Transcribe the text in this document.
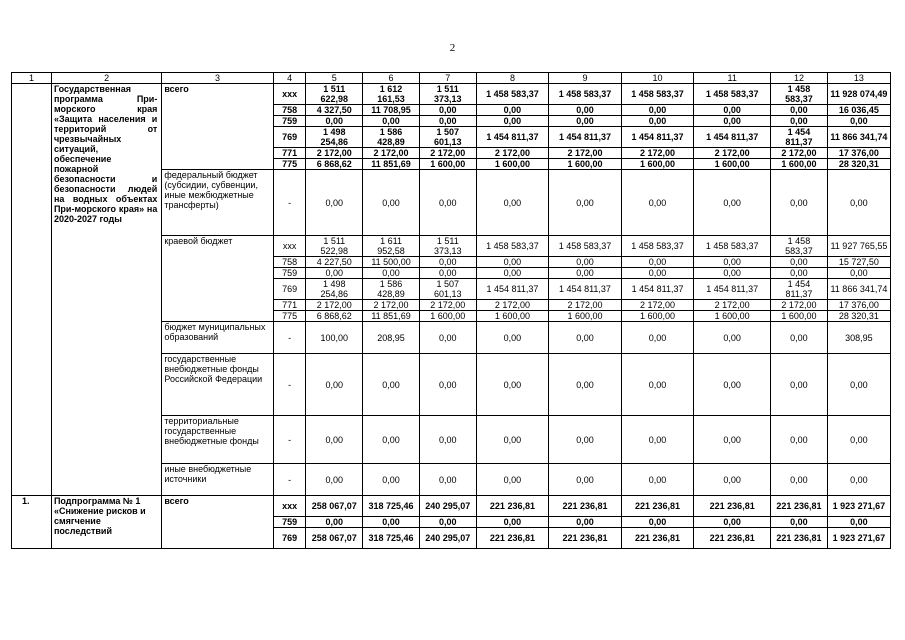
2
1	2	3	4	5	6	7	8	9	10	11	12	13
	Государственная программа При-морского края «Защита населения и территорий от чрезвычайных ситуаций, обеспечение пожарной безопасности и безопасности людей на водных объектах При-морского края» на 2020-2027 годы	всего	ххх	1 511 622,98	1 612 161,53	1 511 373,13	1 458 583,37	1 458 583,37	1 458 583,37	1 458 583,37	1 458 583,37	11 928 074,49
			758	4 327,50	11 708,95	0,00	0,00	0,00	0,00	0,00	0,00	16 036,45
			759	0,00	0,00	0,00	0,00	0,00	0,00	0,00	0,00	0,00
			769	1 498 254,86	1 586 428,89	1 507 601,13	1 454 811,37	1 454 811,37	1 454 811,37	1 454 811,37	1 454 811,37	11 866 341,74
			771	2 172,00	2 172,00	2 172,00	2 172,00	2 172,00	2 172,00	2 172,00	2 172,00	17 376,00
			775	6 868,62	11 851,69	1 600,00	1 600,00	1 600,00	1 600,00	1 600,00	1 600,00	28 320,31
		федеральный бюджет (субсидии, субвенции, иные межбюджетные трансферты)	-	0,00	0,00	0,00	0,00	0,00	0,00	0,00	0,00	0,00
		краевой бюджет	ххх	1 511 522,98	1 611 952,58	1 511 373,13	1 458 583,37	1 458 583,37	1 458 583,37	1 458 583,37	1 458 583,37	11 927 765,55
			758	4 227,50	11 500,00	0,00	0,00	0,00	0,00	0,00	0,00	15 727,50
			759	0,00	0,00	0,00	0,00	0,00	0,00	0,00	0,00	0,00
			769	1 498 254,86	1 586 428,89	1 507 601,13	1 454 811,37	1 454 811,37	1 454 811,37	1 454 811,37	1 454 811,37	11 866 341,74
			771	2 172,00	2 172,00	2 172,00	2 172,00	2 172,00	2 172,00	2 172,00	2 172,00	17 376,00
			775	6 868,62	11 851,69	1 600,00	1 600,00	1 600,00	1 600,00	1 600,00	1 600,00	28 320,31
		бюджет муниципальных образований	-	100,00	208,95	0,00	0,00	0,00	0,00	0,00	0,00	308,95
		государственные внебюджетные фонды Российской Федерации	-	0,00	0,00	0,00	0,00	0,00	0,00	0,00	0,00	0,00
		территориальные государственные внебюджетные фонды	-	0,00	0,00	0,00	0,00	0,00	0,00	0,00	0,00	0,00
		иные внебюджетные источники	-	0,00	0,00	0,00	0,00	0,00	0,00	0,00	0,00	0,00
1.	Подпрограмма № 1 «Снижение рисков и смягчение последствий	всего	ххх	258 067,07	318 725,46	240 295,07	221 236,81	221 236,81	221 236,81	221 236,81	221 236,81	1 923 271,67
			759	0,00	0,00	0,00	0,00	0,00	0,00	0,00	0,00	0,00
			769	258 067,07	318 725,46	240 295,07	221 236,81	221 236,81	221 236,81	221 236,81	221 236,81	1 923 271,67
